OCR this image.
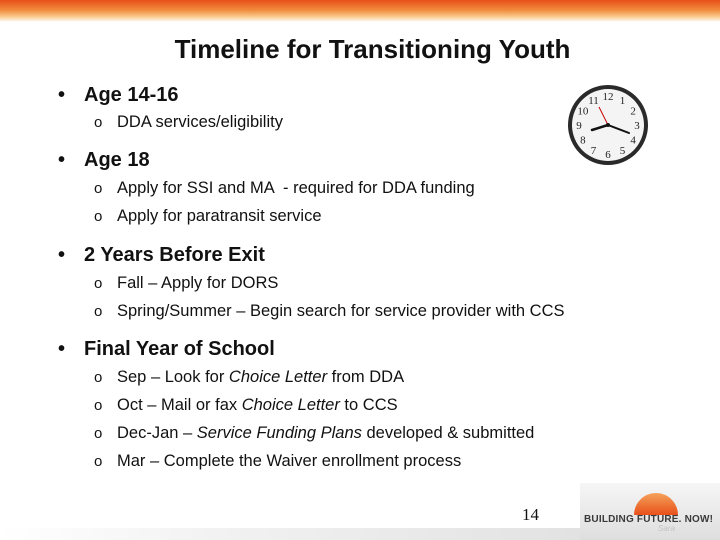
Timeline for Transitioning Youth
• Age 14-16
o DDA services/eligibility
• Age 18
o Apply for SSI and MA  - required for DDA funding
o Apply for paratransit service
• 2 Years Before Exit
o Fall – Apply for DORS
o Spring/Summer – Begin search for service provider with CCS
• Final Year of School
o Sep – Look for Choice Letter from DDA
o Oct – Mail or fax Choice Letter to CCS
o Dec-Jan – Service Funding Plans developed & submitted
o Mar – Complete the Waiver enrollment process
12 1
2
3
4
5
6
7
8
9
10
11
14	BUILDING FUTURE. NOW!
Sara
